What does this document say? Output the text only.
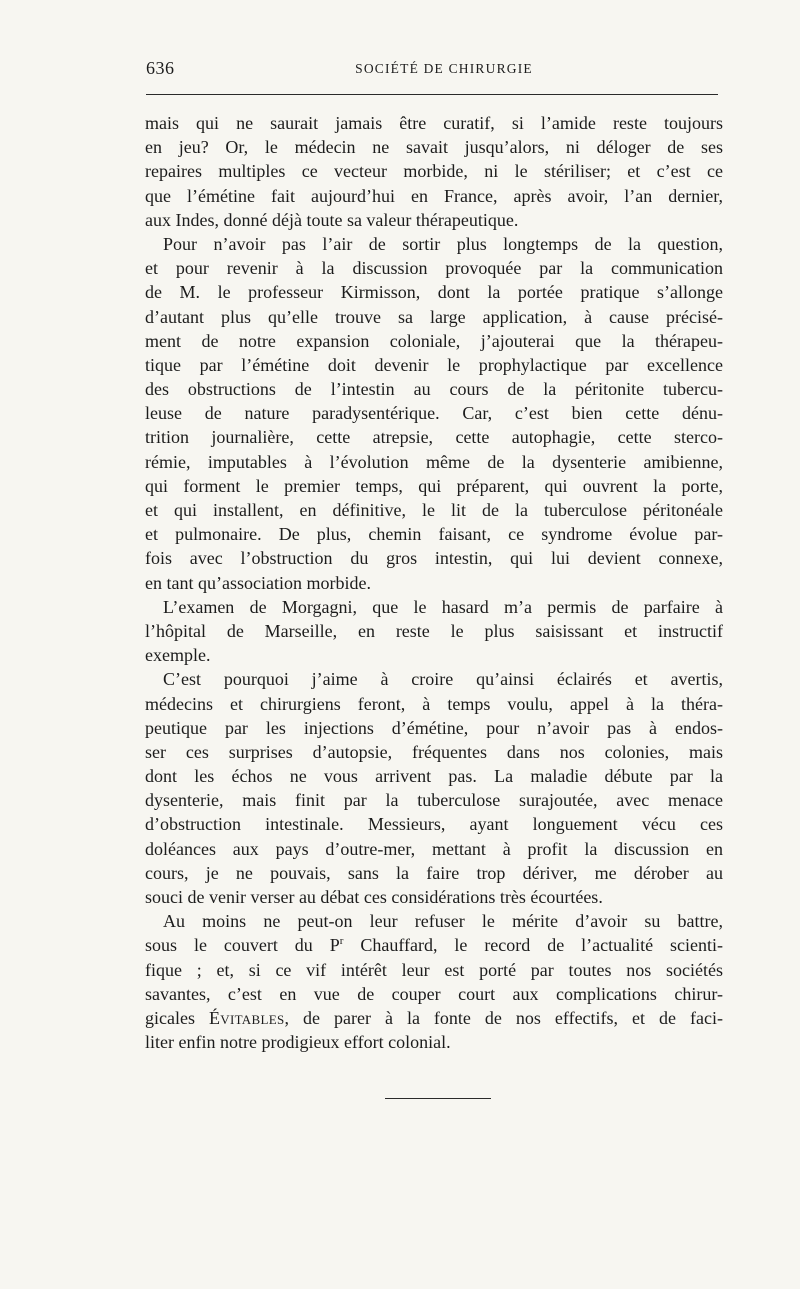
636	SOCIÉTÉ DE CHIRURGIE

mais qui ne saurait jamais être curatif, si l’amide reste toujours
en jeu? Or, le médecin ne savait jusqu’alors, ni déloger de ses
repaires multiples ce vecteur morbide, ni le stériliser; et c’est ce
que l’émétine fait aujourd’hui en France, après avoir, l’an dernier,
aux Indes, donné déjà toute sa valeur thérapeutique.

Pour n’avoir pas l’air de sortir plus longtemps de la question,
et pour revenir à la discussion provoquée par la communication
de M. le professeur Kirmisson, dont la portée pratique s’allonge
d’autant plus qu’elle trouve sa large application, à cause précisé-
ment de notre expansion coloniale, j’ajouterai que la thérapeu-
tique par l’émétine doit devenir le prophylactique par excellence
des obstructions de l’intestin au cours de la péritonite tubercu-
leuse de nature paradysentérique. Car, c’est bien cette dénu-
trition journalière, cette atrepsie, cette autophagie, cette sterco-
rémie, imputables à l’évolution même de la dysenterie amibienne,
qui forment le premier temps, qui préparent, qui ouvrent la porte,
et qui installent, en définitive, le lit de la tuberculose péritonéale
et pulmonaire. De plus, chemin faisant, ce syndrome évolue par-
fois avec l’obstruction du gros intestin, qui lui devient connexe,
en tant qu’association morbide.

L’examen de Morgagni, que le hasard m’a permis de parfaire à
l’hôpital de Marseille, en reste le plus saisissant et instructif
exemple.

C’est pourquoi j’aime à croire qu’ainsi éclairés et avertis,
médecins et chirurgiens feront, à temps voulu, appel à la théra-
peutique par les injections d’émétine, pour n’avoir pas à endos-
ser ces surprises d’autopsie, fréquentes dans nos colonies, mais
dont les échos ne vous arrivent pas. La maladie débute par la
dysenterie, mais finit par la tuberculose surajoutée, avec menace
d’obstruction intestinale. Messieurs, ayant longuement vécu ces
doléances aux pays d’outre-mer, mettant à profit la discussion en
cours, je ne pouvais, sans la faire trop dériver, me dérober au
souci de venir verser au débat ces considérations très écourtées.

Au moins ne peut-on leur refuser le mérite d’avoir su battre,
sous le couvert du $P^r$ Chauffard, le record de l’actualité scienti-
fique ; et, si ce vif intérêt leur est porté par toutes nos sociétés
savantes, c’est en vue de couper court aux complications chirur-
gicales Évitables, de parer à la fonte de nos effectifs, et de faci-
liter enfin notre prodigieux effort colonial.
